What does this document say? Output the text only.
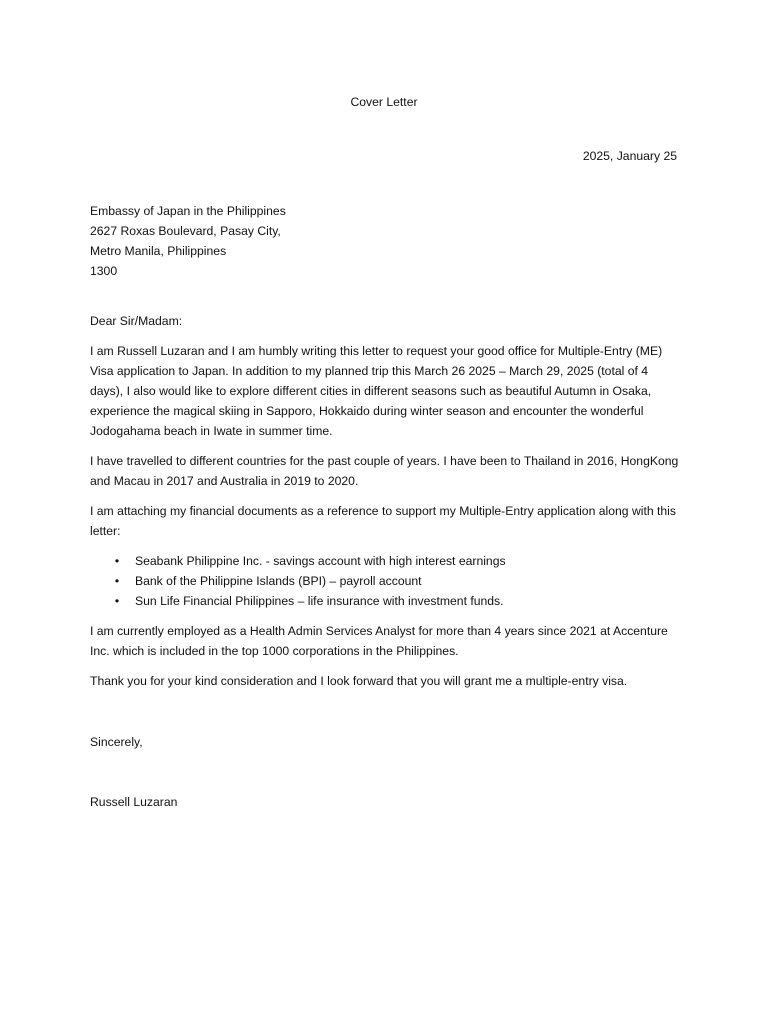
Cover Letter
2025, January 25
Embassy of Japan in the Philippines
2627 Roxas Boulevard, Pasay City,
Metro Manila, Philippines
1300

Dear Sir/Madam:

I am Russell Luzaran and I am humbly writing this letter to request your good office for Multiple-Entry (ME) Visa application to Japan. In addition to my planned trip this March 26 2025 – March 29, 2025 (total of 4 days), I also would like to explore different cities in different seasons such as beautiful Autumn in Osaka, experience the magical skiing in Sapporo, Hokkaido during winter season and encounter the wonderful Jodogahama beach in Iwate in summer time.

I have travelled to different countries for the past couple of years. I have been to Thailand in 2016, HongKong and Macau in 2017 and Australia in 2019 to 2020.

I am attaching my financial documents as a reference to support my Multiple-Entry application along with this letter:

• Seabank Philippine Inc. - savings account with high interest earnings
• Bank of the Philippine Islands (BPI) – payroll account
• Sun Life Financial Philippines – life insurance with investment funds.

I am currently employed as a Health Admin Services Analyst for more than 4 years since 2021 at Accenture Inc. which is included in the top 1000 corporations in the Philippines.

Thank you for your kind consideration and I look forward that you will grant me a multiple-entry visa.

Sincerely,
Russell Luzaran
